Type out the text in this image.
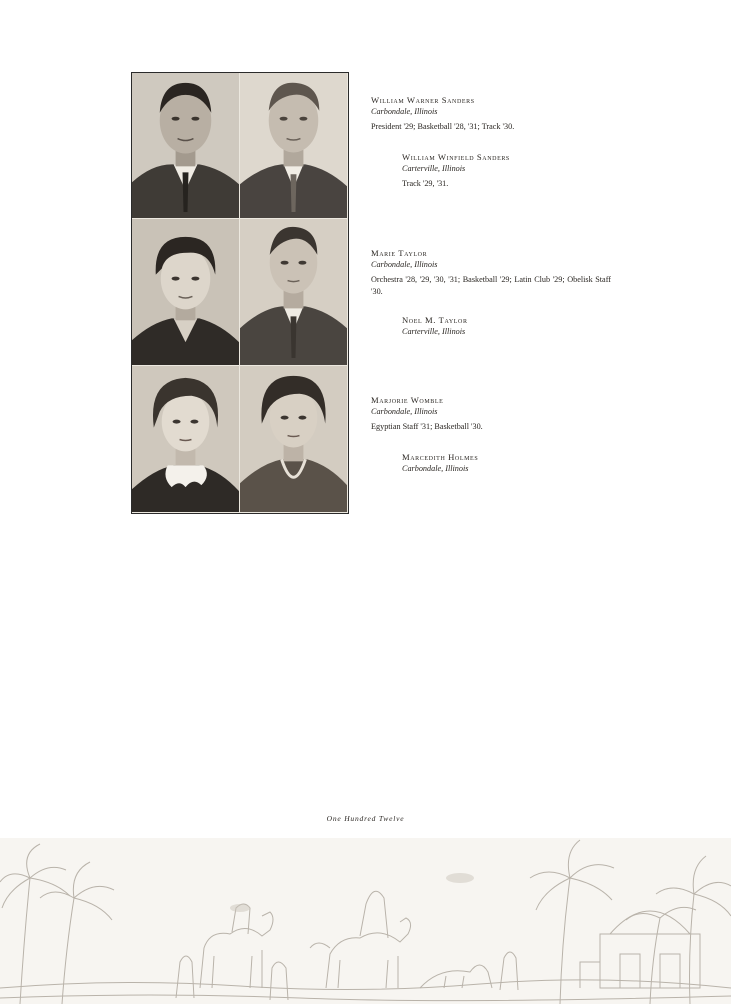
William Warner Sanders
Carbondale, Illinois
President '29; Basketball '28, '31; Track '30.
William Winfield Sanders
Carterville, Illinois
Track '29, '31.
Marie Taylor
Carbondale, Illinois
Orchestra '28, '29, '30, '31; Basketball '29; Latin Club '29; Obelisk Staff '30.
Noel M. Taylor
Carterville, Illinois
Marjorie Womble
Carbondale, Illinois
Egyptian Staff '31; Basketball '30.
Marcedith Holmes
Carbondale, Illinois
One Hundred Twelve
